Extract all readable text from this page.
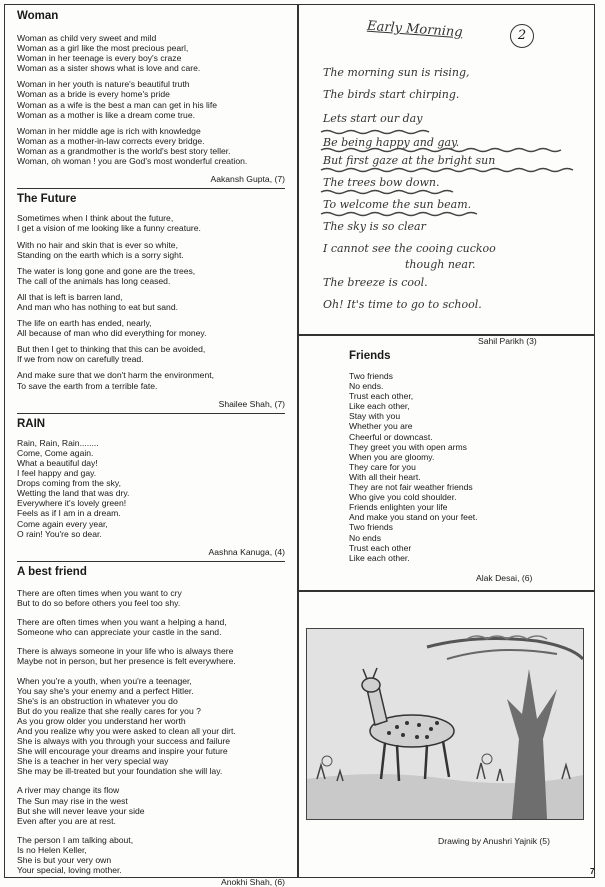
Woman
Woman as child very sweet and mild
Woman as a girl like the most precious pearl,
Woman in her teenage is every boy's craze
Woman as a sister shows what is love and care.
Woman in her youth is nature's beautiful truth
Woman as a bride is every home's pride
Woman as a wife is the best a man can get in his life
Woman as a mother is like a dream come true.
Woman in her middle age is rich with knowledge
Woman as a mother-in-law corrects every bridge.
Woman as a grandmother is the world's best story teller.
Woman, oh woman ! you are God's most wonderful creation.

Aakansh Gupta, (7)

The Future
Sometimes when I think about the future,
I get a vision of me looking like a funny creature.
With no hair and skin that is ever so white,
Standing on the earth which is a sorry sight.
The water is long gone and gone are the trees,
The call of the animals has long ceased.
All that is left is barren land,
And man who has nothing to eat but sand.
The life on earth has ended, nearly,
All because of man who did everything for money.
But then I get to thinking that this can be avoided,
If we from now on carefully tread.
And make sure that we don't harm the environment,
To save the earth from a terrible fate.

Shailee Shah, (7)

RAIN
Rain, Rain, Rain........
Come, Come again.
What a beautiful day!
I feel happy and gay.
Drops coming from the sky,
Wetting the land that was dry.
Everywhere it's lovely green!
Feels as if I am in a dream.
Come again every year,
O rain! You're so dear.

Aashna Kanuga, (4)

A best friend
There are often times when you want to cry
But to do so before others you feel too shy.
There are often times when you want a helping a hand,
Someone who can appreciate your castle in the sand.
There is always someone in your life who is always there
Maybe not in person, but her presence is felt everywhere.
When you're a youth, when you're a teenager,
You say she's your enemy and a perfect Hitler.
She's is an obstruction in whatever you do
But do you realize that she really cares for you ?
As you grow older you understand her worth
And you realize why you were asked to clean all your dirt.
She is always with you through your success and failure
She will encourage your dreams and inspire your future
She is a teacher in her very special way
She may be ill-treated but your foundation she will lay.
A river may change its flow
The Sun may rise in the west
But she will never leave your side
Even after you are at rest.
The person I am talking about,
Is no Helen Keller,
She is but your very own
Your special, loving mother.

Anokhi Shah, (6)

Early Morning	2
The morning sun is rising,
The birds start chirping.
Lets start our day
Be being happy and gay.
But first gaze at the bright sun
The trees bow down.
To welcome the sun beam.
The sky is so clear
I cannot see the cooing cuckoo
though near.
The breeze is cool.
Oh! It's time to go to school.
Sahil Parikh (3)
Friends
Two friends
No ends.
Trust each other,
Like each other,
Stay with you
Whether you are
Cheerful or downcast.
They greet you with open arms
When you are gloomy.
They care for you
With all their heart.
They are not fair weather friends
Who give you cold shoulder.
Friends enlighten your life
And make you stand on your feet.
Two friends
No ends
Trust each other
Like each other.
Alak Desai, (6)
Drawing by Anushri Yajnik (5)
7
